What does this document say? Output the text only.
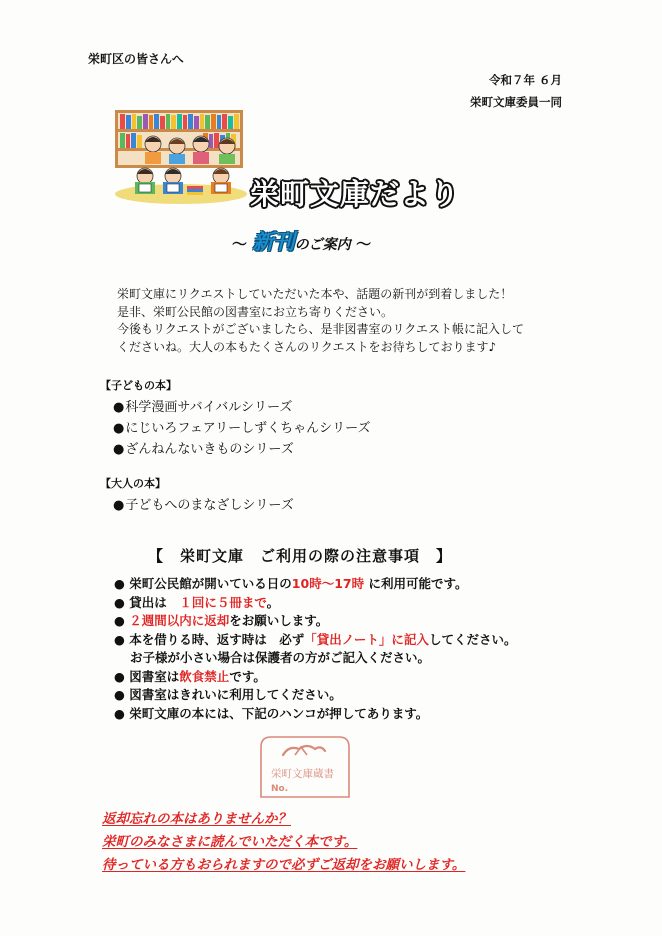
栄町区の皆さんへ
令和７年 ６月
栄町文庫委員一同
栄町文庫だより
～ 新刊のご案内 ～
栄町文庫にリクエストしていただいた本や、話題の新刊が到着しました！
是非、栄町公民館の図書室にお立ち寄りください。
今後もリクエストがございましたら、是非図書室のリクエスト帳に記入して
くださいね。大人の本もたくさんのリクエストをお待ちしております♪
【子どもの本】
●科学漫画サバイバルシリーズ
●にじいろフェアリーしずくちゃんシリーズ
●ざんねんないきものシリーズ
【大人の本】
●子どもへのまなざしシリーズ
【　栄町文庫　ご利用の際の注意事項　】
● 栄町公民館が開いている日の10時～17時 に利用可能です。
● 貸出は　 １回に５冊まで。
● ２週間以内に返却をお願いします。
● 本を借りる時、返す時は　必ず「貸出ノート」に記入してください。
お子様が小さい場合は保護者の方がご記入ください。
● 図書室は飲食禁止です。
● 図書室はきれいに利用してください。
● 栄町文庫の本には、下記のハンコが押してあります。
栄町文庫蔵書
No.
返却忘れの本はありませんか？
栄町のみなさまに読んでいただく本です。
待っている方もおられますので必ずご返却をお願いします。
